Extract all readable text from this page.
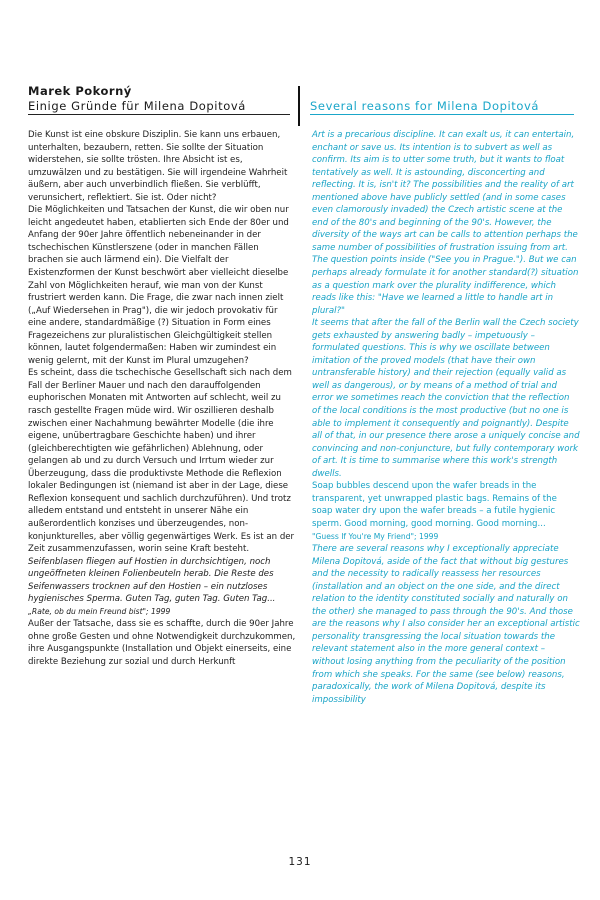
Marek Pokorný
Einige Gründe für Milena Dopitová	Several reasons for Milena Dopitová

Die Kunst ist eine obskure Disziplin. Sie kann uns erbauen, unterhalten, bezaubern, retten. Sie sollte der Situation widerstehen, sie sollte trösten. Ihre Absicht ist es, umzuwälzen und zu bestätigen. Sie will irgendeine Wahrheit äußern, aber auch unverbindlich fließen. Sie verblüfft, verunsichert, reflektiert. Sie ist. Oder nicht?

Die Möglichkeiten und Tatsachen der Kunst, die wir oben nur leicht angedeutet haben, etablierten sich Ende der 80er und Anfang der 90er Jahre öffentlich nebeneinander in der tschechischen Künstlerszene (oder in manchen Fällen brachen sie auch lärmend ein). Die Vielfalt der Existenzformen der Kunst beschwört aber vielleicht dieselbe Zahl von Möglichkeiten herauf, wie man von der Kunst frustriert werden kann. Die Frage, die zwar nach innen zielt („Auf Wiedersehen in Prag"), die wir jedoch provokativ für eine andere, standardmäßige (?) Situation in Form eines Fragezeichens zur pluralistischen Gleichgültigkeit stellen können, lautet folgendermaßen: Haben wir zumindest ein wenig gelernt, mit der Kunst im Plural umzugehen?

Es scheint, dass die tschechische Gesellschaft sich nach dem Fall der Berliner Mauer und nach den darauffolgenden euphorischen Monaten mit Antworten auf schlecht, weil zu rasch gestellte Fragen müde wird. Wir oszillieren deshalb zwischen einer Nachahmung bewährter Modelle (die ihre eigene, unübertragbare Geschichte haben) und ihrer (gleichberechtigten wie gefährlichen) Ablehnung, oder gelangen ab und zu durch Versuch und Irrtum wieder zur Überzeugung, dass die produktivste Methode die Reflexion lokaler Bedingungen ist (niemand ist aber in der Lage, diese Reflexion konsequent und sachlich durchzuführen). Und trotz alledem entstand und entsteht in unserer Nähe ein außerordentlich konzises und überzeugendes, non-konjunkturelles, aber völlig gegenwärtiges Werk. Es ist an der Zeit zusammenzufassen, worin seine Kraft besteht.

Seifenblasen fliegen auf Hostien in durchsichtigen, noch ungeöffneten kleinen Folienbeuteln herab. Die Reste des Seifenwassers trocknen auf den Hostien – ein nutzloses hygienisches Sperma. Guten Tag, guten Tag. Guten Tag...

„Rate, ob du mein Freund bist"; 1999

Außer der Tatsache, dass sie es schaffte, durch die 90er Jahre ohne große Gesten und ohne Notwendigkeit durchzukommen, ihre Ausgangspunkte (Installation und Objekt einerseits, eine direkte Beziehung zur sozial und durch Herkunft

Art is a precarious discipline. It can exalt us, it can entertain, enchant or save us. Its intention is to subvert as well as confirm. Its aim is to utter some truth, but it wants to float tentatively as well. It is astounding, disconcerting and reflecting. It is, isn't it? The possibilities and the reality of art mentioned above have publicly settled (and in some cases even clamorously invaded) the Czech artistic scene at the end of the 80's and beginning of the 90's. However, the diversity of the ways art can be calls to attention perhaps the same number of possibilities of frustration issuing from art. The question points inside ("See you in Prague."). But we can perhaps already formulate it for another standard(?) situation as a question mark over the plurality indifference, which reads like this: "Have we learned a little to handle art in plural?"

It seems that after the fall of the Berlin wall the Czech society gets exhausted by answering badly – impetuously – formulated questions. This is why we oscillate between imitation of the proved models (that have their own untransferable history) and their rejection (equally valid as well as dangerous), or by means of a method of trial and error we sometimes reach the conviction that the reflection of the local conditions is the most productive (but no one is able to implement it consequently and poignantly). Despite all of that, in our presence there arose a uniquely concise and convincing and non-conjuncture, but fully contemporary work of art. It is time to summarise where this work's strength dwells.

Soap bubbles descend upon the wafer breads in the transparent, yet unwrapped plastic bags. Remains of the soap water dry upon the wafer breads – a futile hygienic sperm. Good morning, good morning. Good morning...

"Guess If You're My Friend"; 1999

There are several reasons why I exceptionally appreciate Milena Dopitová, aside of the fact that without big gestures and the necessity to radically reassess her resources (installation and an object on the one side, and the direct relation to the identity constituted socially and naturally on the other) she managed to pass through the 90's. And those are the reasons why I also consider her an exceptional artistic personality transgressing the local situation towards the relevant statement also in the more general context – without losing anything from the peculiarity of the position from which she speaks. For the same (see below) reasons, paradoxically, the work of Milena Dopitová, despite its impossibility

131
